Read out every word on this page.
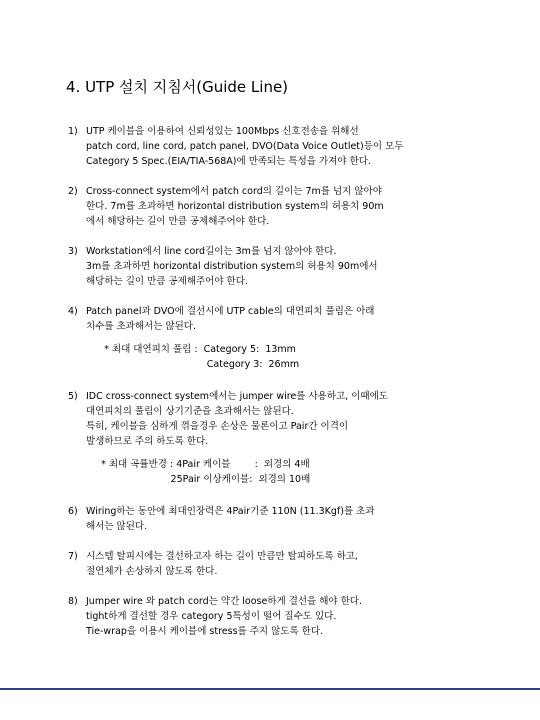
4. UTP 설치 지침서(Guide Line)
1) UTP 케이블을 이용하여 신뢰성있는 100Mbps 신호전송을 위해선
patch cord, line cord, patch panel, DVO(Data Voice Outlet)등이 모두
Category 5 Spec.(EIA/TIA-568A)에 만족되는 특성을 가져야 한다.
2) Cross-connect system에서 patch cord의 길이는 7m를 넘지 않아야
한다. 7m를 초과하면 horizontal distribution system의 허용치 90m
에서 해당하는 길이 만큼 공제해주어야 한다.
3) Workstation에서 line cord길이는 3m를 넘지 않아야 한다.
3m를 초과하면 horizontal distribution system의 허용치 90m에서
해당하는 길이 만큼 공제해주어야 한다.
4) Patch panel과 DVO에 결선시에 UTP cable의 대연피치 풀림은 아래
치수를 초과해서는 않된다.
* 최대 대연피치 풀림 :  Category 5:  13mm
Category 3:  26mm
5) IDC cross-connect system에서는 jumper wire를 사용하고, 이때에도
대연피치의 풀림이 상기기준을 초과해서는 않된다.
특히, 케이블을 심하게 꺾을경우 손상은 물론이고 Pair간 이격이
발생하므로 주의 하도록 한다.
* 최대 곡률반경 : 4Pair 케이블        :  외경의 4배
25Pair 이상케이블:  외경의 10배
6) Wiring하는 동안에 최대인장력은 4Pair기준 110N (11.3Kgf)를 초과
해서는 않된다.
7) 시스템 탈피시에는 결선하고자 하는 길이 만큼만 탈피하도록 하고,
절연체가 손상하지 않도록 한다.
8) Jumper wire 와 patch cord는 약간 loose하게 결선을 해야 한다.
tight하게 결선할 경우 category 5특성이 떨어 질수도 있다.
Tie-wrap을 이용시 케이블에 stress를 주지 않도록 한다.
